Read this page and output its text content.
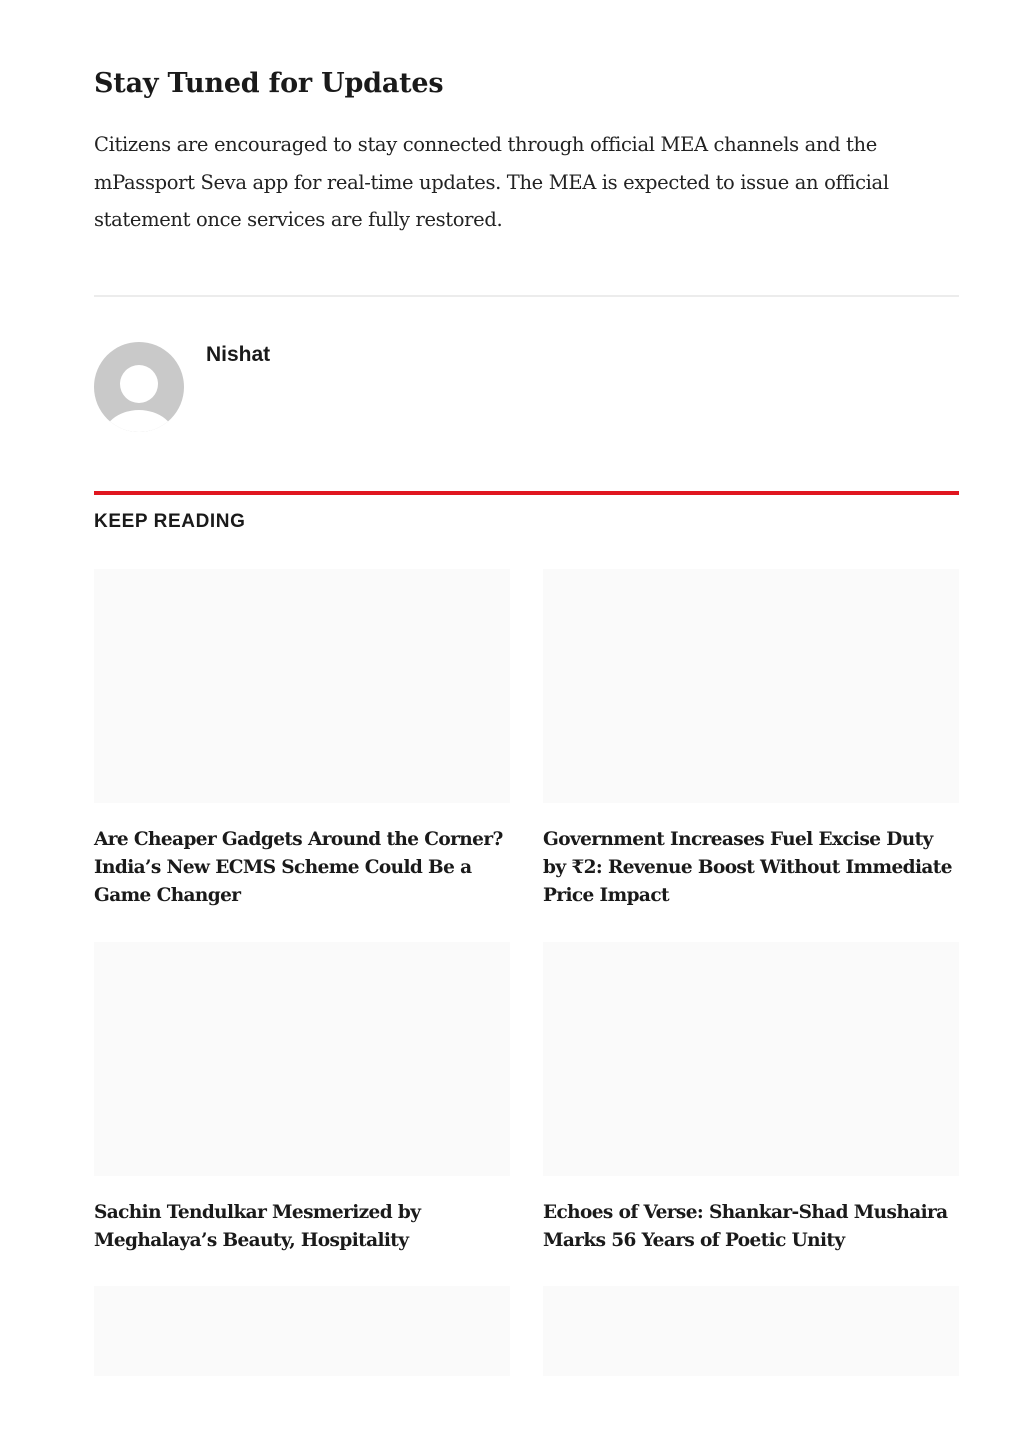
Stay Tuned for Updates

Citizens are encouraged to stay connected through official MEA channels and the mPassport Seva app for real-time updates. The MEA is expected to issue an official statement once services are fully restored.

Nishat
KEEP READING
Are Cheaper Gadgets Around the Corner? India’s New ECMS Scheme Could Be a Game Changer
Government Increases Fuel Excise Duty by ₹2: Revenue Boost Without Immediate Price Impact
Sachin Tendulkar Mesmerized by Meghalaya’s Beauty, Hospitality
Echoes of Verse: Shankar-Shad Mushaira Marks 56 Years of Poetic Unity
